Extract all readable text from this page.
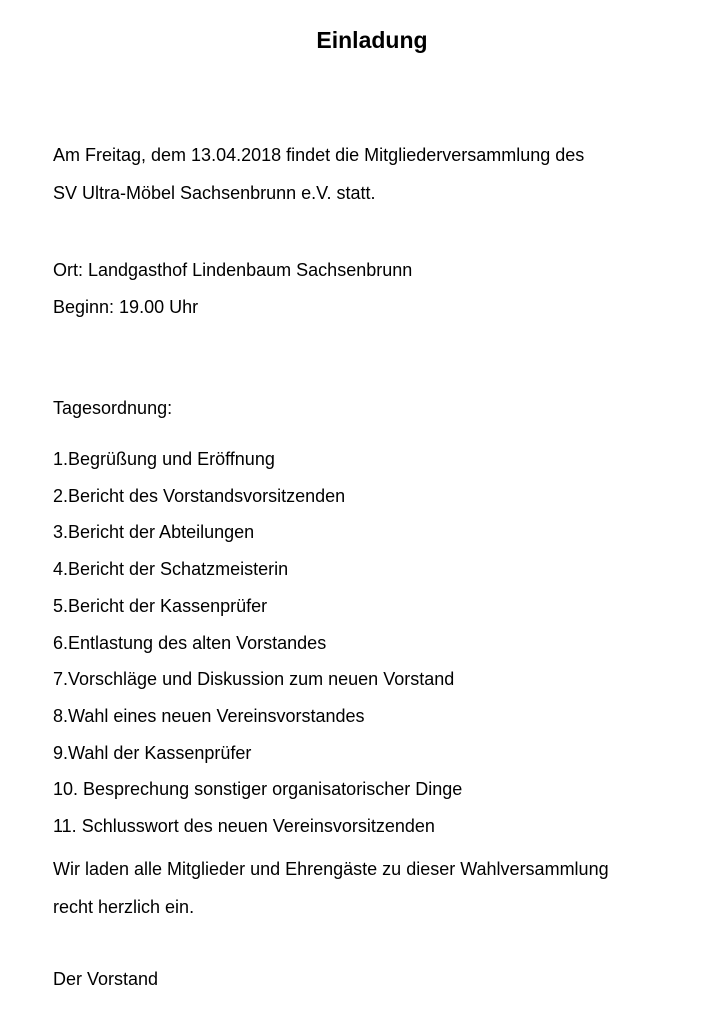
Einladung
Am Freitag, dem 13.04.2018 findet die Mitgliederversammlung des
SV Ultra-Möbel Sachsenbrunn e.V. statt.
Ort: Landgasthof Lindenbaum Sachsenbrunn
Beginn: 19.00 Uhr
Tagesordnung:
1.Begrüßung und Eröffnung
2.Bericht des Vorstandsvorsitzenden
3.Bericht der Abteilungen
4.Bericht der Schatzmeisterin
5.Bericht der Kassenprüfer
6.Entlastung des alten Vorstandes
7.Vorschläge und Diskussion zum neuen Vorstand
8.Wahl eines neuen Vereinsvorstandes
9.Wahl der Kassenprüfer
10. Besprechung sonstiger organisatorischer Dinge
11. Schlusswort des neuen Vereinsvorsitzenden
Wir laden alle Mitglieder und Ehrengäste zu dieser Wahlversammlung
recht herzlich ein.
Der Vorstand
